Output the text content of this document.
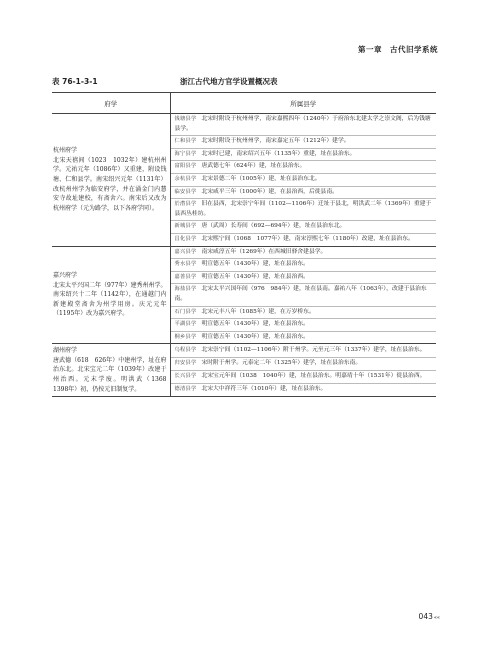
第一章　古代旧学系统
表 76-1-3-1	浙江古代地方官学设置概况表
府学	所属县学

杭州府学
北宋天禧间（1023　1032年）建杭州州学。元祐元年（1086年）又重建，附设钱塘、仁和县学。南宋绍兴元年（1131年）改杭州州学为临安府学，并在涌金门内慧安寺故址建校，有斋舍六。南宋后又改为杭州府学（元为路学，以下各府学同）。	钱塘县学 北宋时附设于杭州州学，南宋嘉熙四年（1240年）于府治东北建太学之崇文阁，后为钱塘县学。
	仁和县学 北宋时附设于杭州州学，南宋嘉定五年（1212年）建学。
	海宁县学 北宋时已建，南宋绍兴五年（1135年）重建，址在县治东。
	富阳县学 唐武德七年（624年）建，址在县治东。
	余杭县学 北宋景德二年（1005年）建，址在县治东北。
	临安县学 北宋咸平三年（1000年）建，在县治西，后徙县南。
	於潜县学 旧在县西，北宋崇宁年间（1102—1106年）迁址于县北，明洪武二年（1369年）重建于县西丛桂坊。
	新城县学 唐（武周）长寿间（692—694年）建，址在县治东北。
	昌化县学 北宋熙宁间（1068　1077年）建，南宋淳熙七年（1180年）改建，址在县治东。

嘉兴府学
北宋太平兴国二年（977年）建秀州州学。南宋绍兴十二年（1142年），在通越门内新建殿堂斋舍为州学用房。庆元元年（1195年）改为嘉兴府学。	嘉兴县学 南宋咸淳五年（1269年）在西城旧驿舍建县学。
	秀水县学 明宣德五年（1430年）建，址在县治东。
	嘉善县学 明宣德五年（1430年）建，址在县治西。
	海盐县学 北宋太平兴国年间（976　984年）建，址在县南。嘉祐八年（1063年），改建于县治东南。
	石门县学 北宋元丰八年（1085年）建，在万岁桥东。
	平湖县学 明宣德五年（1430年）建，址在县治东。
	桐乡县学 明宣德五年（1430年）建，址在县治东。

湖州府学
唐武德（618　626年）中建州学，址在府治东北。北宋宝元二年（1039年）改建于州治西。元末学废。明洪武（1368　1398年）初，仍按元旧制复学。	乌程县学 北宋崇宁间（1102—1106年）附于州学。元至元三年（1337年）建学，址在县治东。
	归安县学 宋时附于州学。元泰定二年（1325年）建学，址在县治东南。
	长兴县学 北宋宝元年间（1038　1040年）建，址在县治东。明嘉靖十年（1531年）徙县治西。
	德清县学 北宋大中祥符三年（1010年）建，址在县治东。
043««
